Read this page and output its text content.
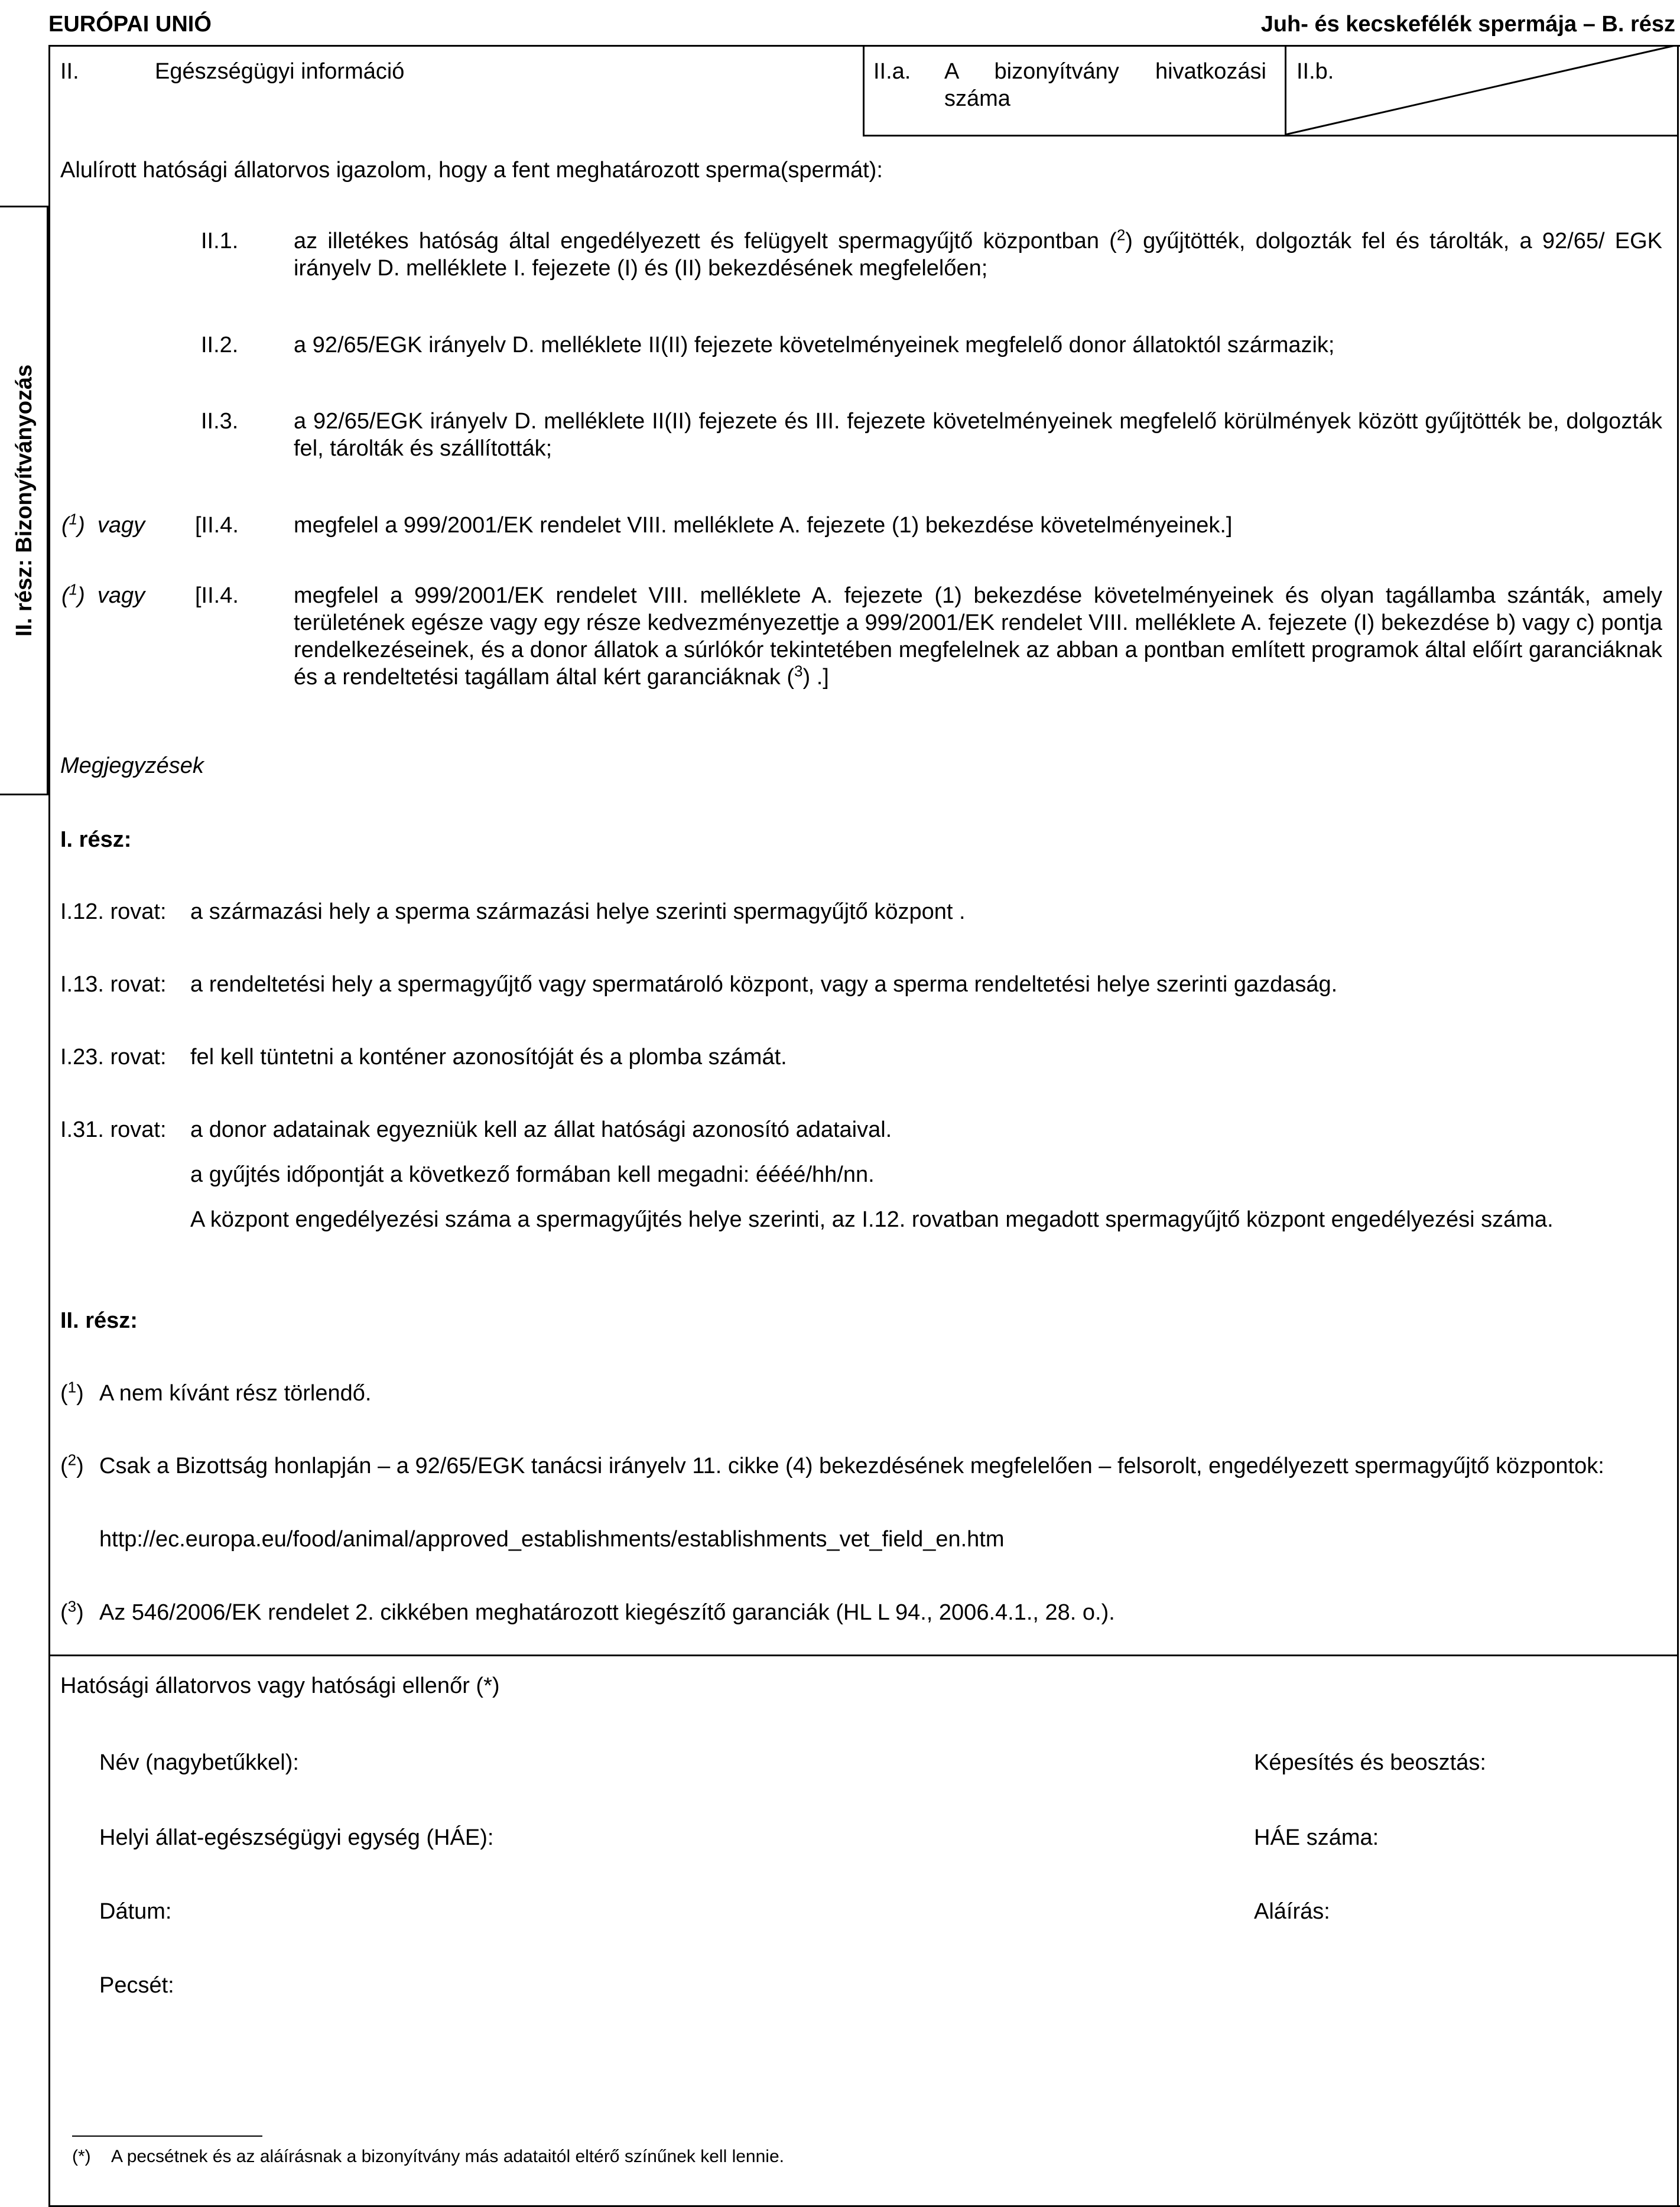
EURÓPAI UNIÓ	Juh- és kecskefélék spermája – B. rész
II.	Egészségügyi információ	II.a. A bizonyítvány hivatkozási száma
II.b.
II. rész: Bizonyítványozás
Alulírott hatósági állatorvos igazolom, hogy a fent meghatározott sperma(spermát):
II.1. az illetékes hatóság által engedélyezett és felügyelt spermagyűjtő központban ($^2$) gyűjtötték, dolgozták fel és tárolták, a 92/65/ EGK irányelv D. melléklete I. fejezete (I) és (II) bekezdésének megfelelően;
II.2. a 92/65/EGK irányelv D. melléklete II(II) fejezete követelményeinek megfelelő donor állatoktól származik;
II.3. a 92/65/EGK irányelv D. melléklete II(II) fejezete és III. fejezete követelményeinek megfelelő körülmények között gyűjtötték be, dolgozták fel, tárolták és szállították;
($^1$)  vagy [II.4. megfelel a 999/2001/EK rendelet VIII. melléklete A. fejezete (1) bekezdése követelményeinek.]
($^1$)  vagy [II.4. megfelel a 999/2001/EK rendelet VIII. melléklete A. fejezete (1) bekezdése követelményeinek és olyan tagállamba szánták, amely területének egésze vagy egy része kedvezményezettje a 999/2001/EK rendelet VIII. melléklete A. fejezete (I) bekezdése b) vagy c) pontja rendelkezéseinek, és a donor állatok a súrlókór tekintetében megfelelnek az abban a pontban említett programok által előírt garanciáknak és a rendeltetési tagállam által kért garanciáknak ($^3$) .]
Megjegyzések
I. rész:
I.12. rovat: a származási hely a sperma származási helye szerinti spermagyűjtő központ .
I.13. rovat: a rendeltetési hely a spermagyűjtő vagy spermatároló központ, vagy a sperma rendeltetési helye szerinti gazdaság.
I.23. rovat: fel kell tüntetni a konténer azonosítóját és a plomba számát.
I.31. rovat: a donor adatainak egyezniük kell az állat hatósági azonosító adataival.
a gyűjtés időpontját a következő formában kell megadni: éééé/hh/nn.
A központ engedélyezési száma a spermagyűjtés helye szerinti, az I.12. rovatban megadott spermagyűjtő központ engedélyezési száma.
II. rész:
($^1$) A nem kívánt rész törlendő.
($^2$) Csak a Bizottság honlapján – a 92/65/EGK tanácsi irányelv 11. cikke (4) bekezdésének megfelelően – felsorolt, engedélyezett spermagyűjtő központok:
http://ec.europa.eu/food/animal/approved_establishments/establishments_vet_field_en.htm
($^3$) Az 546/2006/EK rendelet 2. cikkében meghatározott kiegészítő garanciák (HL L 94., 2006.4.1., 28. o.).
Hatósági állatorvos vagy hatósági ellenőr (*)
Név (nagybetűkkel):	Képesítés és beosztás:
Helyi állat-egészségügyi egység (HÁE):	HÁE száma:
Dátum:	Aláírás:
Pecsét:
(*) A pecsétnek és az aláírásnak a bizonyítvány más adataitól eltérő színűnek kell lennie.
